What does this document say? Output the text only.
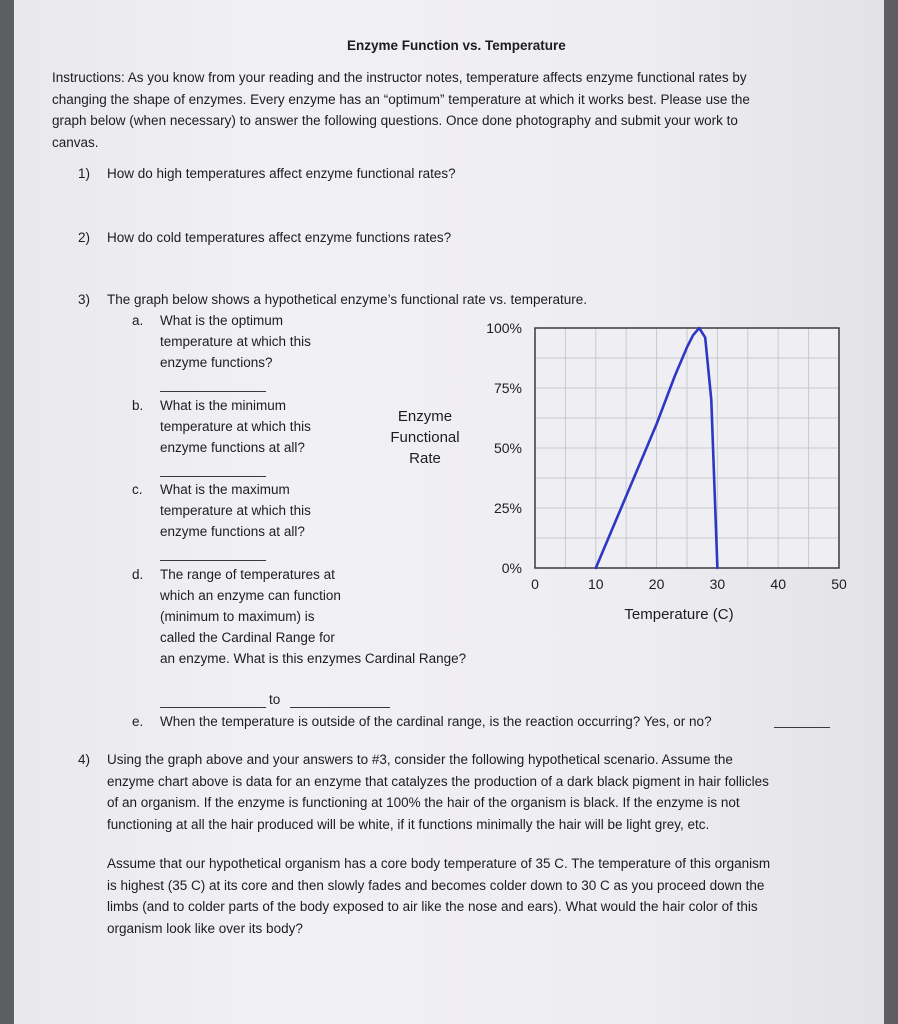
Enzyme Function vs. Temperature
Instructions: As you know from your reading and the instructor notes, temperature affects enzyme functional rates by
changing the shape of enzymes. Every enzyme has an “optimum” temperature at which it works best. Please use the
graph below (when necessary) to answer the following questions. Once done photography and submit your work to
canvas.
1) How do high temperatures affect enzyme functional rates?
2) How do cold temperatures affect enzyme functions rates?
3) The graph below shows a hypothetical enzyme’s functional rate vs. temperature.
a. What is the optimum
temperature at which this
enzyme functions?
b. What is the minimum
temperature at which this
enzyme functions at all?
c. What is the maximum
temperature at which this
enzyme functions at all?
d. The range of temperatures at
which an enzyme can function
(minimum to maximum) is
called the Cardinal Range for
an enzyme. What is this enzymes Cardinal Range?
to
e. When the temperature is outside of the cardinal range, is the reaction occurring? Yes, or no?
Enzyme
Functional
Rate
Temperature (C)
0%
25%
50%
75%
100%
0	10	20	30	40	50
4) Using the graph above and your answers to #3, consider the following hypothetical scenario. Assume the
enzyme chart above is data for an enzyme that catalyzes the production of a dark black pigment in hair follicles
of an organism. If the enzyme is functioning at 100% the hair of the organism is black. If the enzyme is not
functioning at all the hair produced will be white, if it functions minimally the hair will be light grey, etc.
Assume that our hypothetical organism has a core body temperature of 35 C. The temperature of this organism
is highest (35 C) at its core and then slowly fades and becomes colder down to 30 C as you proceed down the
limbs (and to colder parts of the body exposed to air like the nose and ears). What would the hair color of this
organism look like over its body?
